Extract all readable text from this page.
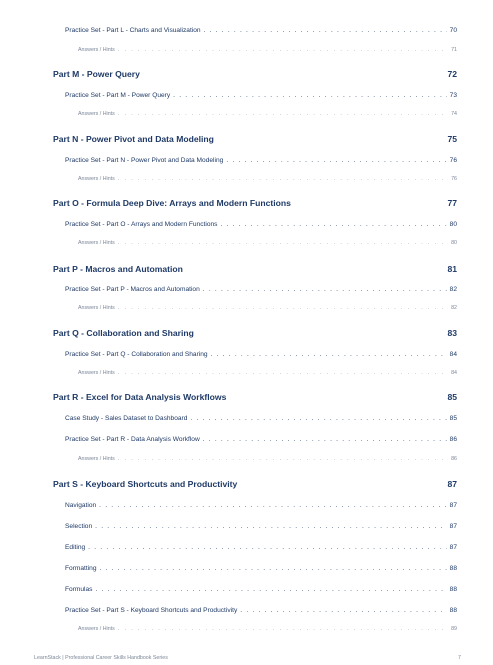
Practice Set - Part L - Charts and Visualization . . .	70
Answers / Hints . . .	71
Part M - Power Query	72
Practice Set - Part M - Power Query . . .	73
Answers / Hints . . .	74
Part N - Power Pivot and Data Modeling	75
Practice Set - Part N - Power Pivot and Data Modeling . . .	76
Answers / Hints . . .	76
Part O - Formula Deep Dive: Arrays and Modern Functions	77
Practice Set - Part O - Arrays and Modern Functions . . .	80
Answers / Hints . . .	80
Part P - Macros and Automation	81
Practice Set - Part P - Macros and Automation . . .	82
Answers / Hints . . .	82
Part Q - Collaboration and Sharing	83
Practice Set - Part Q - Collaboration and Sharing . . .	84
Answers / Hints . . .	84
Part R - Excel for Data Analysis Workflows	85
Case Study - Sales Dataset to Dashboard . . .	85
Practice Set - Part R - Data Analysis Workflow . . .	86
Answers / Hints . . .	86
Part S - Keyboard Shortcuts and Productivity	87
Navigation . . .	87
Selection . . .	87
Editing . . .	87
Formatting . . .	88
Formulas . . .	88
Practice Set - Part S - Keyboard Shortcuts and Productivity . . .	88
Answers / Hints . . .	89
LearnStack | Professional Career Skills Handbook Series	7
